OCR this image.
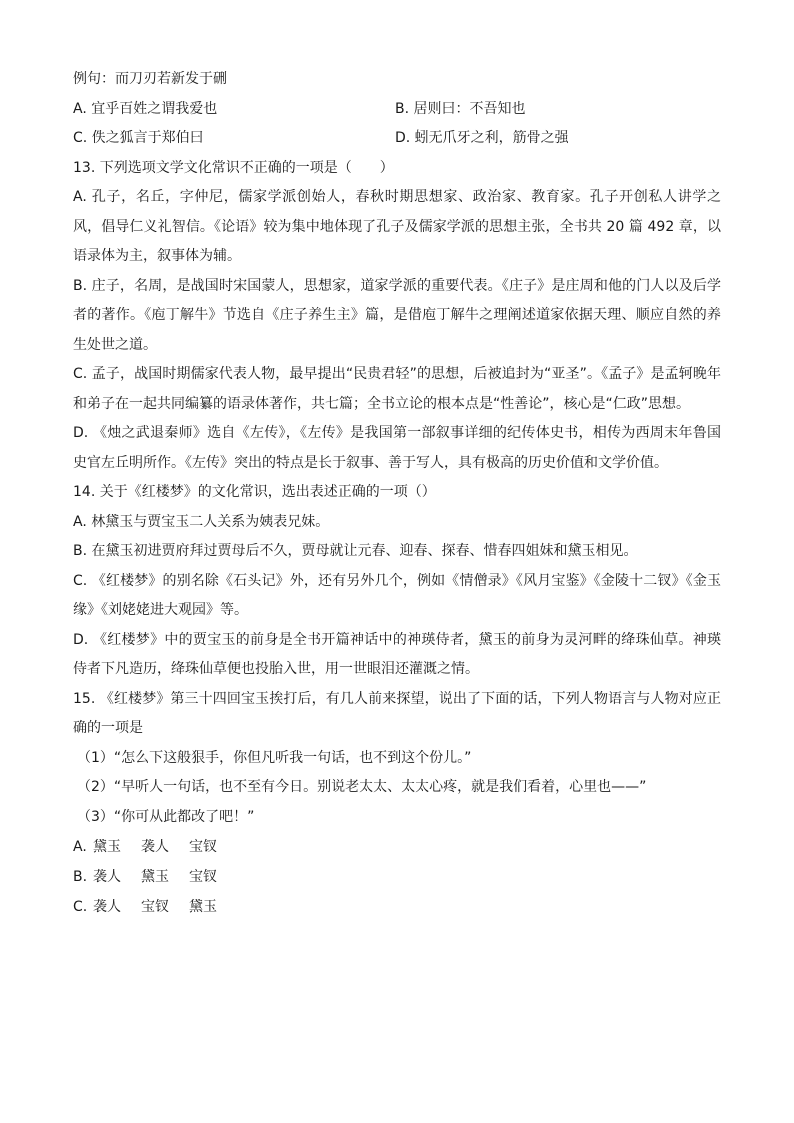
例句：而刀刃若新发于硎
A. 宜乎百姓之谓我爱也	B. 居则曰：不吾知也
C. 佚之狐言于郑伯曰	D. 蚓无爪牙之利，筋骨之强
13. 下列选项文学文化常识不正确的一项是（　　）
A. 孔子，名丘，字仲尼，儒家学派创始人，春秋时期思想家、政治家、教育家。孔子开创私人讲学之风，倡导仁义礼智信。《论语》较为集中地体现了孔子及儒家学派的思想主张，全书共 20 篇 492 章，以语录体为主，叙事体为辅。
B. 庄子，名周，是战国时宋国蒙人，思想家，道家学派的重要代表。《庄子》是庄周和他的门人以及后学者的著作。《庖丁解牛》节选自《庄子养生主》篇，是借庖丁解牛之理阐述道家依据天理、顺应自然的养生处世之道。
C. 孟子，战国时期儒家代表人物，最早提出“民贵君轻”的思想，后被追封为“亚圣”。《孟子》是孟轲晚年和弟子在一起共同编纂的语录体著作，共七篇；全书立论的根本点是“性善论”，核心是“仁政”思想。
D. 《烛之武退秦师》选自《左传》，《左传》是我国第一部叙事详细的纪传体史书，相传为西周末年鲁国史官左丘明所作。《左传》突出的特点是长于叙事、善于写人，具有极高的历史价值和文学价值。
14. 关于《红楼梦》的文化常识，选出表述正确的一项（）
A. 林黛玉与贾宝玉二人关系为姨表兄妹。
B. 在黛玉初进贾府拜过贾母后不久，贾母就让元春、迎春、探春、惜春四姐妹和黛玉相见。
C. 《红楼梦》的别名除《石头记》外，还有另外几个，例如《情僧录》《风月宝鉴》《金陵十二钗》《金玉缘》《刘姥姥进大观园》等。
D. 《红楼梦》中的贾宝玉的前身是全书开篇神话中的神瑛侍者，黛玉的前身为灵河畔的绛珠仙草。神瑛侍者下凡造历，绛珠仙草便也投胎入世，用一世眼泪还灌溉之情。
15. 《红楼梦》第三十四回宝玉挨打后，有几人前来探望，说出了下面的话，下列人物语言与人物对应正确的一项是
（1）“怎么下这般狠手，你但凡听我一句话，也不到这个份儿。”
（2）“早听人一句话，也不至有今日。别说老太太、太太心疼，就是我们看着，心里也——”
（3）“你可从此都改了吧！”
A. 黛玉	袭人	宝钗
B. 袭人	黛玉	宝钗
C. 袭人	宝钗	黛玉
